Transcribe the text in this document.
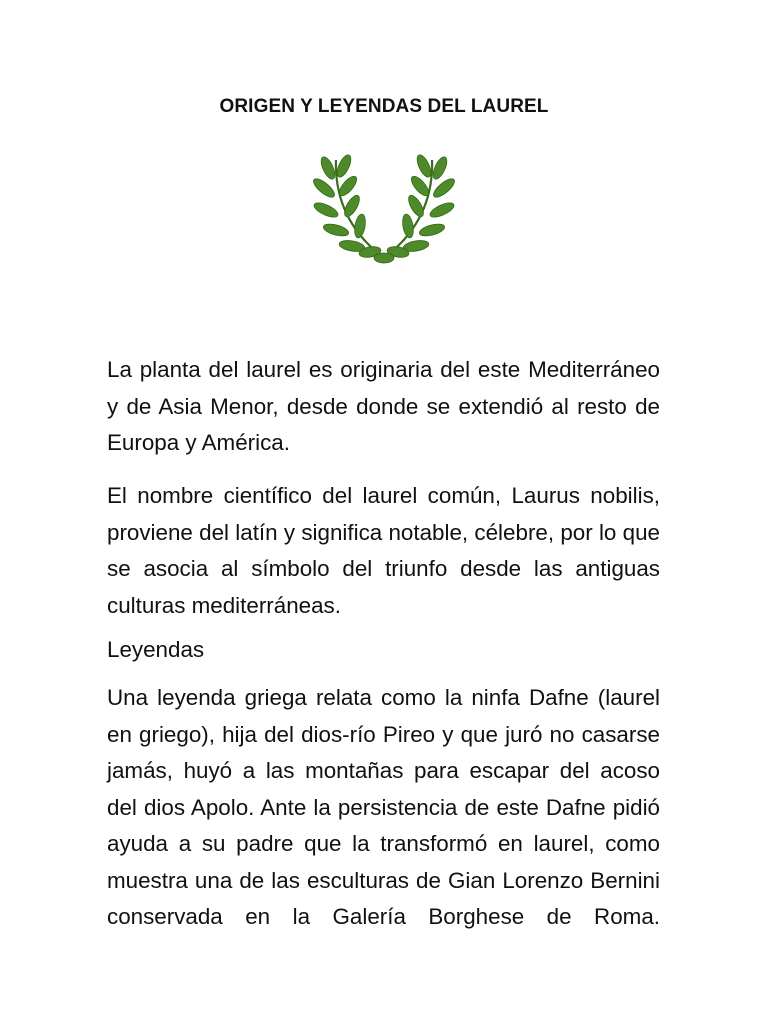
ORIGEN Y LEYENDAS DEL LAUREL

La planta del laurel es originaria del este Mediterráneo y de Asia Menor, desde donde se extendió al resto de Europa y América.

El nombre científico del laurel común, Laurus nobilis, proviene del latín y significa notable, célebre, por lo que se asocia al símbolo del triunfo desde las antiguas culturas mediterráneas.

Leyendas

Una leyenda griega relata como la ninfa Dafne (laurel en griego), hija del dios-río Pireo y que juró no casarse jamás, huyó a las montañas para escapar del acoso del dios Apolo. Ante la persistencia de este Dafne pidió ayuda a su padre que la transformó en laurel, como muestra una de las esculturas de Gian Lorenzo Bernini conservada en la Galería Borghese de Roma.
